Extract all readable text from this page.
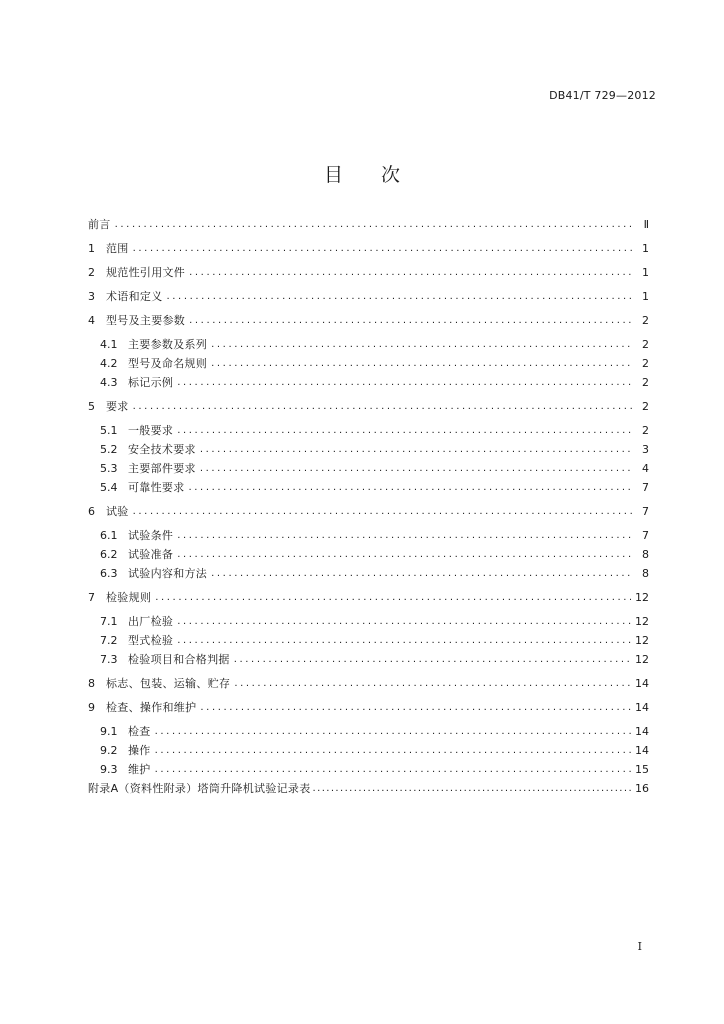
DB41/T 729—2012
目 次
前言 .....	Ⅱ
1	范围 .....	1
2	规范性引用文件 .....	1
3	术语和定义 .....	1
4	型号及主要参数 .....	2
4.1 主要参数及系列 .....	2
4.2 型号及命名规则 .....	2
4.3 标记示例 .....	2
5	要求 .....	2
5.1 一般要求 .....	2
5.2 安全技术要求 .....	3
5.3 主要部件要求 .....	4
5.4 可靠性要求 .....	7
6	试验 .....	7
6.1 试验条件 .....	7
6.2 试验准备 .....	8
6.3 试验内容和方法 .....	8
7	检验规则 .....	12
7.1 出厂检验 .....	12
7.2 型式检验 .....	12
7.3 检验项目和合格判据 .....	12
8	标志、包装、运输、贮存 .....	14
9	检查、操作和维护 .....	14
9.1 检查 .....	14
9.2 操作 .....	14
9.3 维护 .....	15
附录A（资料性附录）塔筒升降机试验记录表 .....	16
I
